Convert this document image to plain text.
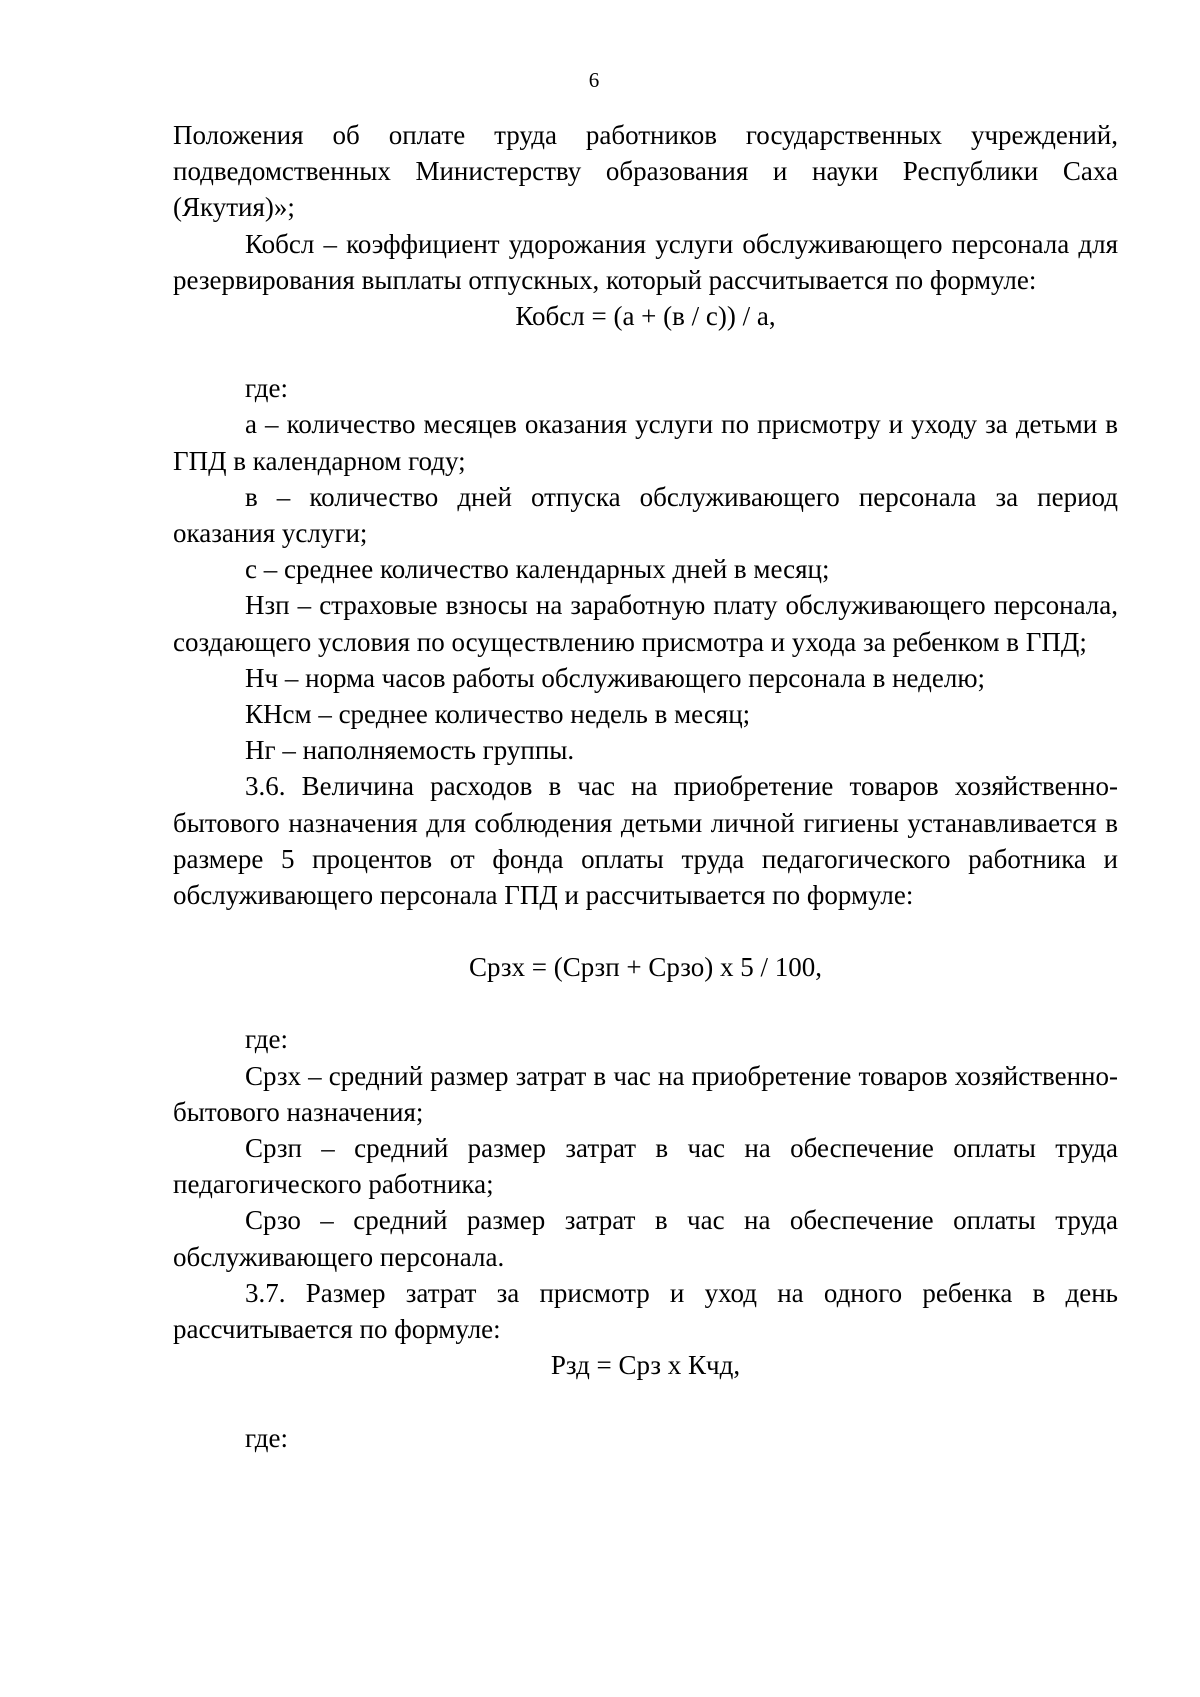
6

Положения об оплате труда работников государственных учреждений, подведомственных Министерству образования и науки Республики Саха (Якутия)»;

Кобсл – коэффициент удорожания услуги обслуживающего персонала для резервирования выплаты отпускных, который рассчитывается по формуле:

Кобсл = (а + (в / с)) / а,

где:

а – количество месяцев оказания услуги по присмотру и уходу за детьми в ГПД в календарном году;

в – количество дней отпуска обслуживающего персонала за период оказания услуги;

с – среднее количество календарных дней в месяц;

Нзп – страховые взносы на заработную плату обслуживающего персонала, создающего условия по осуществлению присмотра и ухода за ребенком в ГПД;

Нч – норма часов работы обслуживающего персонала в неделю;

КНсм – среднее количество недель в месяц;

Нг – наполняемость группы.

3.6. Величина расходов в час на приобретение товаров хозяйственно-бытового назначения для соблюдения детьми личной гигиены устанавливается в размере 5 процентов от фонда оплаты труда педагогического работника и обслуживающего персонала ГПД и рассчитывается по формуле:

Срзх = (Срзп + Срзо) х 5 / 100,

где:

Срзх – средний размер затрат в час на приобретение товаров хозяйственно-бытового назначения;

Срзп – средний размер затрат в час на обеспечение оплаты труда педагогического работника;

Срзо – средний размер затрат в час на обеспечение оплаты труда обслуживающего персонала.

3.7. Размер затрат за присмотр и уход на одного ребенка в день рассчитывается по формуле:

Рзд = Срз х Кчд,

где:
